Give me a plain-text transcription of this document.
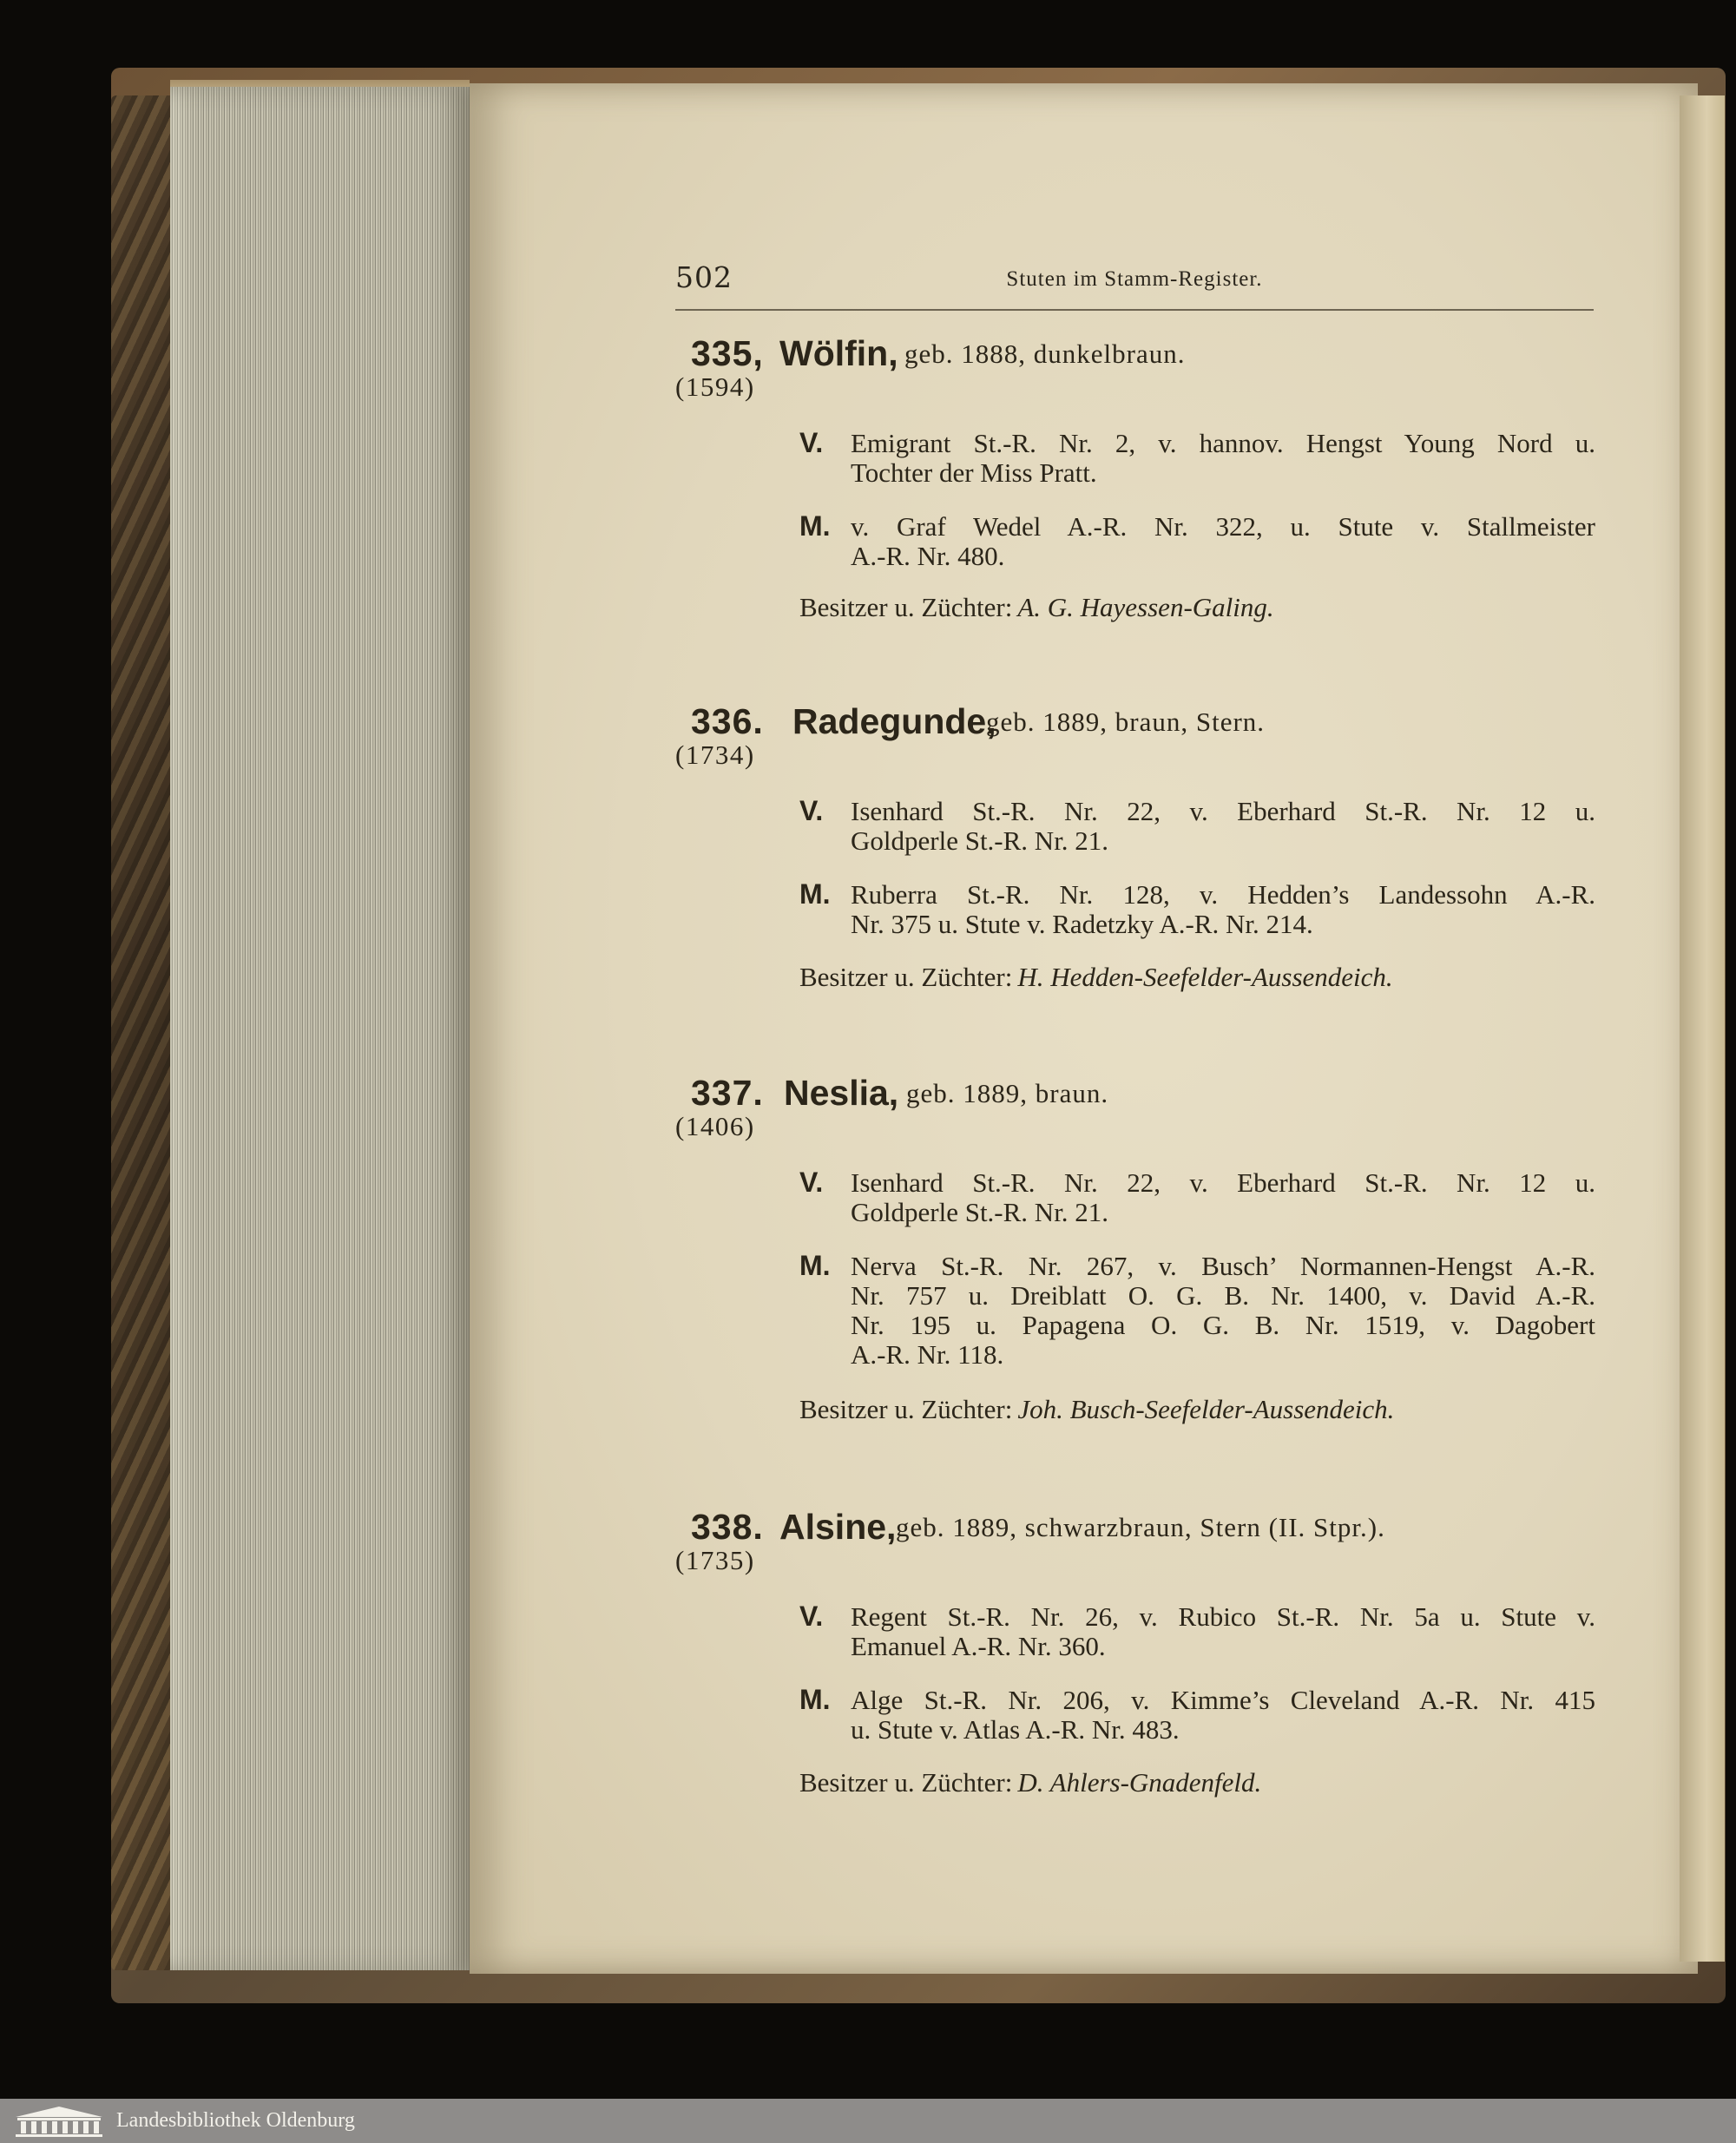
502	Stuten im Stamm-Register.
335, Wölfin, geb. 1888, dunkelbraun.
(1594)
V. Emigrant St.-R. Nr. 2, v. hannov. Hengst Young Nord u.
Tochter der Miss Pratt.
M. v. Graf Wedel A.-R. Nr. 322, u. Stute v. Stallmeister
A.-R. Nr. 480.
Besitzer u. Züchter: A. G. Hayessen-Galing.
336. Radegunde,
geb. 1889, braun, Stern.
(1734)
V. Isenhard St.-R. Nr. 22, v. Eberhard St.-R. Nr. 12 u.
Goldperle St.-R. Nr. 21.
M. Ruberra St.-R. Nr. 128, v. Hedden’s Landessohn A.-R.
Nr. 375 u. Stute v. Radetzky A.-R. Nr. 214.
Besitzer u. Züchter: H. Hedden-Seefelder-Aussendeich.
337. Neslia, geb. 1889, braun.
(1406)
V. Isenhard St.-R. Nr. 22, v. Eberhard St.-R. Nr. 12 u.
Goldperle St.-R. Nr. 21.
M. Nerva St.-R. Nr. 267, v. Busch’ Normannen-Hengst A.-R.
Nr. 757 u. Dreiblatt O. G. B. Nr. 1400, v. David A.-R.
Nr. 195 u. Papagena O. G. B. Nr. 1519, v. Dagobert
A.-R. Nr. 118.
Besitzer u. Züchter: Joh. Busch-Seefelder-Aussendeich.
338. Alsine, geb. 1889, schwarzbraun, Stern (II. Stpr.).
(1735)
V. Regent St.-R. Nr. 26, v. Rubico St.-R. Nr. 5a u. Stute v.
Emanuel A.-R. Nr. 360.
M. Alge St.-R. Nr. 206, v. Kimme’s Cleveland A.-R. Nr. 415
u. Stute v. Atlas A.-R. Nr. 483.
Besitzer u. Züchter: D. Ahlers-Gnadenfeld.
Landesbibliothek Oldenburg
